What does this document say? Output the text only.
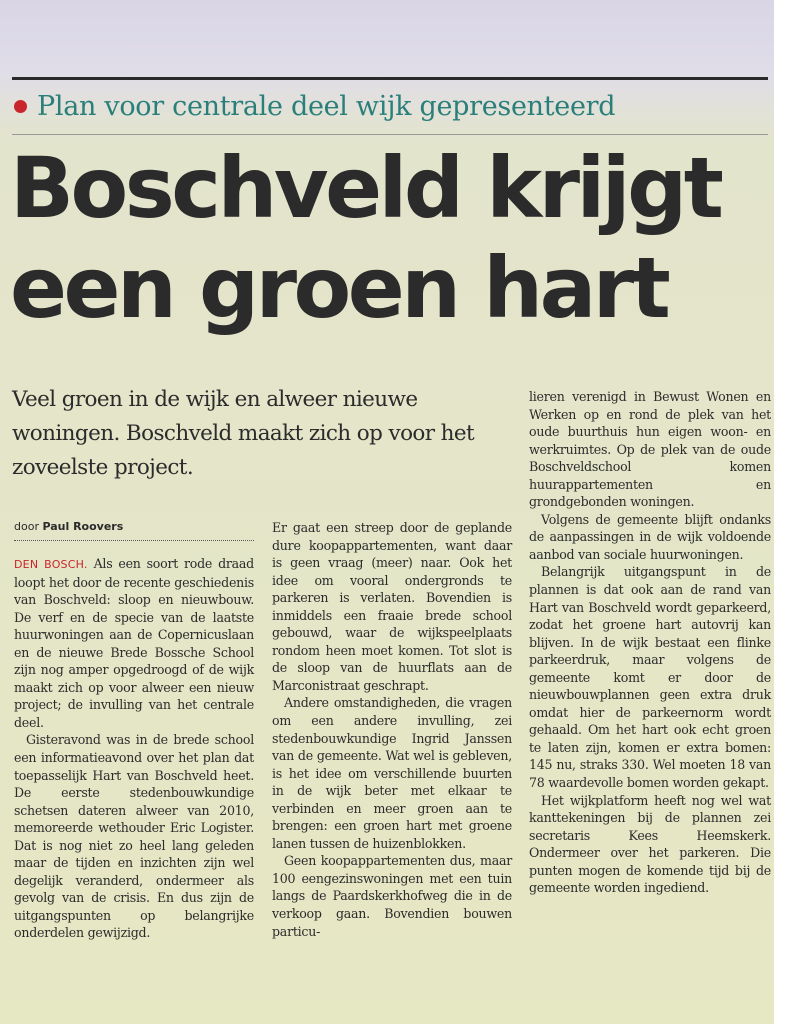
Plan voor centrale deel wijk gepresenteerd
Boschveld krijgt
een groen hart

Veel groen in de wijk en alweer nieuwe woningen. Boschveld maakt zich op voor het zoveelste project.

door Paul Roovers

DEN BOSCH. Als een soort rode draad loopt het door de recente geschiedenis van Boschveld: sloop en nieuwbouw. De verf en de specie van de laatste huurwoningen aan de Copernicuslaan en de nieuwe Brede Bossche School zijn nog amper opgedroogd of de wijk maakt zich op voor alweer een nieuw project; de invulling van het centrale deel.

Gisteravond was in de brede school een informatieavond over het plan dat toepasselijk Hart van Boschveld heet. De eerste stedenbouwkundige schetsen dateren alweer van 2010, memoreerde wethouder Eric Logister. Dat is nog niet zo heel lang geleden maar de tijden en inzichten zijn wel degelijk veranderd, ondermeer als gevolg van de crisis. En dus zijn de uitgangspunten op belangrijke onderdelen gewijzigd.

Er gaat een streep door de geplande dure koopappartementen, want daar is geen vraag (meer) naar. Ook het idee om vooral ondergronds te parkeren is verlaten. Bovendien is inmiddels een fraaie brede school gebouwd, waar de wijkspeelplaats rondom heen moet komen. Tot slot is de sloop van de huurflats aan de Marconistraat geschrapt.

Andere omstandigheden, die vragen om een andere invulling, zei stedenbouwkundige Ingrid Janssen van de gemeente. Wat wel is gebleven, is het idee om verschillende buurten in de wijk beter met elkaar te verbinden en meer groen aan te brengen: een groen hart met groene lanen tussen de huizenblokken.

Geen koopappartementen dus, maar 100 eengezinswoningen met een tuin langs de Paardskerkhofweg die in de verkoop gaan. Bovendien bouwen particu-

lieren verenigd in Bewust Wonen en Werken op en rond de plek van het oude buurthuis hun eigen woon- en werkruimtes. Op de plek van de oude Boschveldschool komen huurappartementen en grondgebonden woningen.

Volgens de gemeente blijft ondanks de aanpassingen in de wijk voldoende aanbod van sociale huurwoningen.

Belangrijk uitgangspunt in de plannen is dat ook aan de rand van Hart van Boschveld wordt geparkeerd, zodat het groene hart autovrij kan blijven. In de wijk bestaat een flinke parkeerdruk, maar volgens de gemeente komt er door de nieuwbouwplannen geen extra druk omdat hier de parkeernorm wordt gehaald. Om het hart ook echt groen te laten zijn, komen er extra bomen: 145 nu, straks 330. Wel moeten 18 van 78 waardevolle bomen worden gekapt.

Het wijkplatform heeft nog wel wat kanttekeningen bij de plannen zei secretaris Kees Heemskerk. Ondermeer over het parkeren. Die punten mogen de komende tijd bij de gemeente worden ingediend.
